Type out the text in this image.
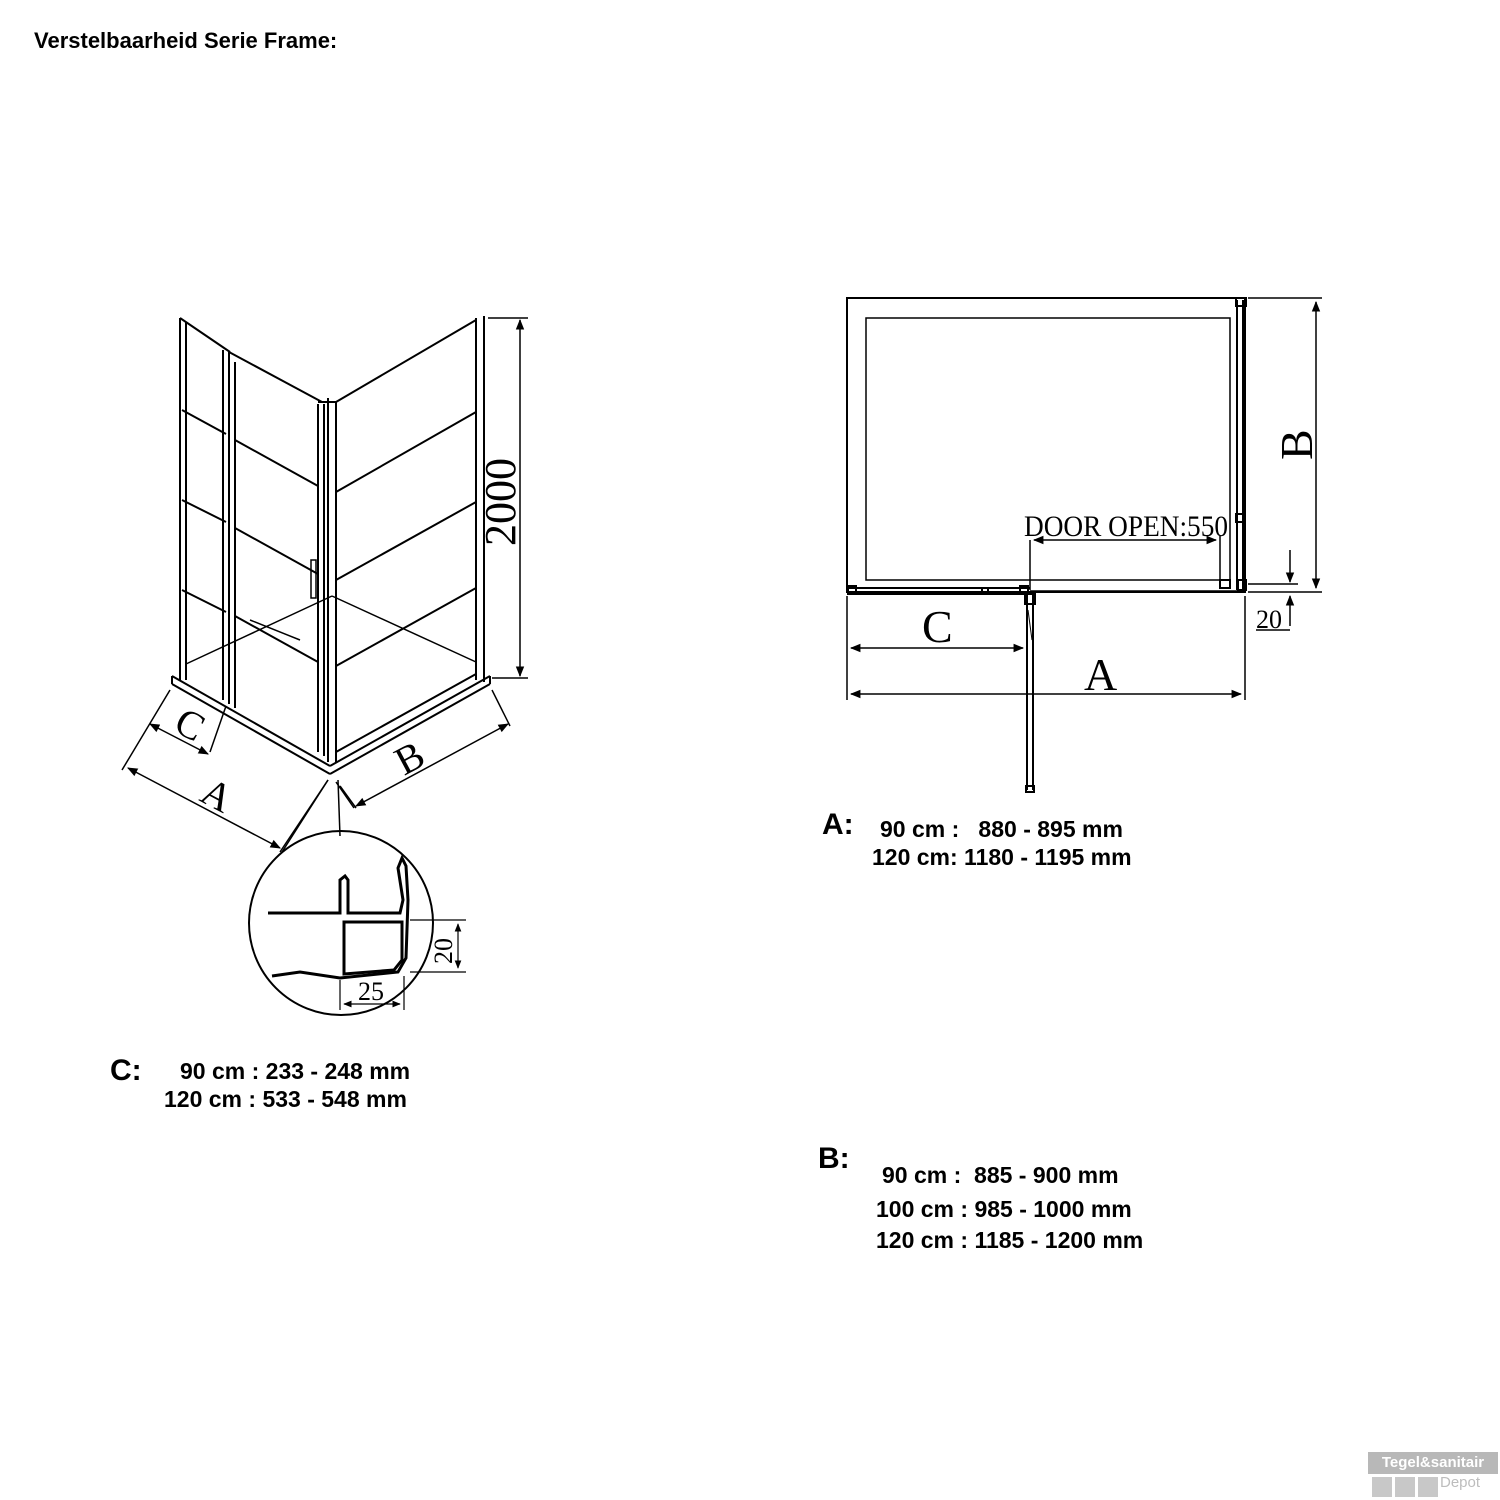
Verstelbaarheid Serie Frame:
2000
A
C
B
20
25
DOOR OPEN:550
B
C
A
20
A: 90 cm :   880 - 895 mm
120 cm: 1180 - 1195 mm
C: 90 cm : 233 - 248 mm
120 cm : 533 - 548 mm
B: 90 cm :  885 - 900 mm
100 cm : 985 - 1000 mm
120 cm : 1185 - 1200 mm
Tegel&sanitair
Depot
